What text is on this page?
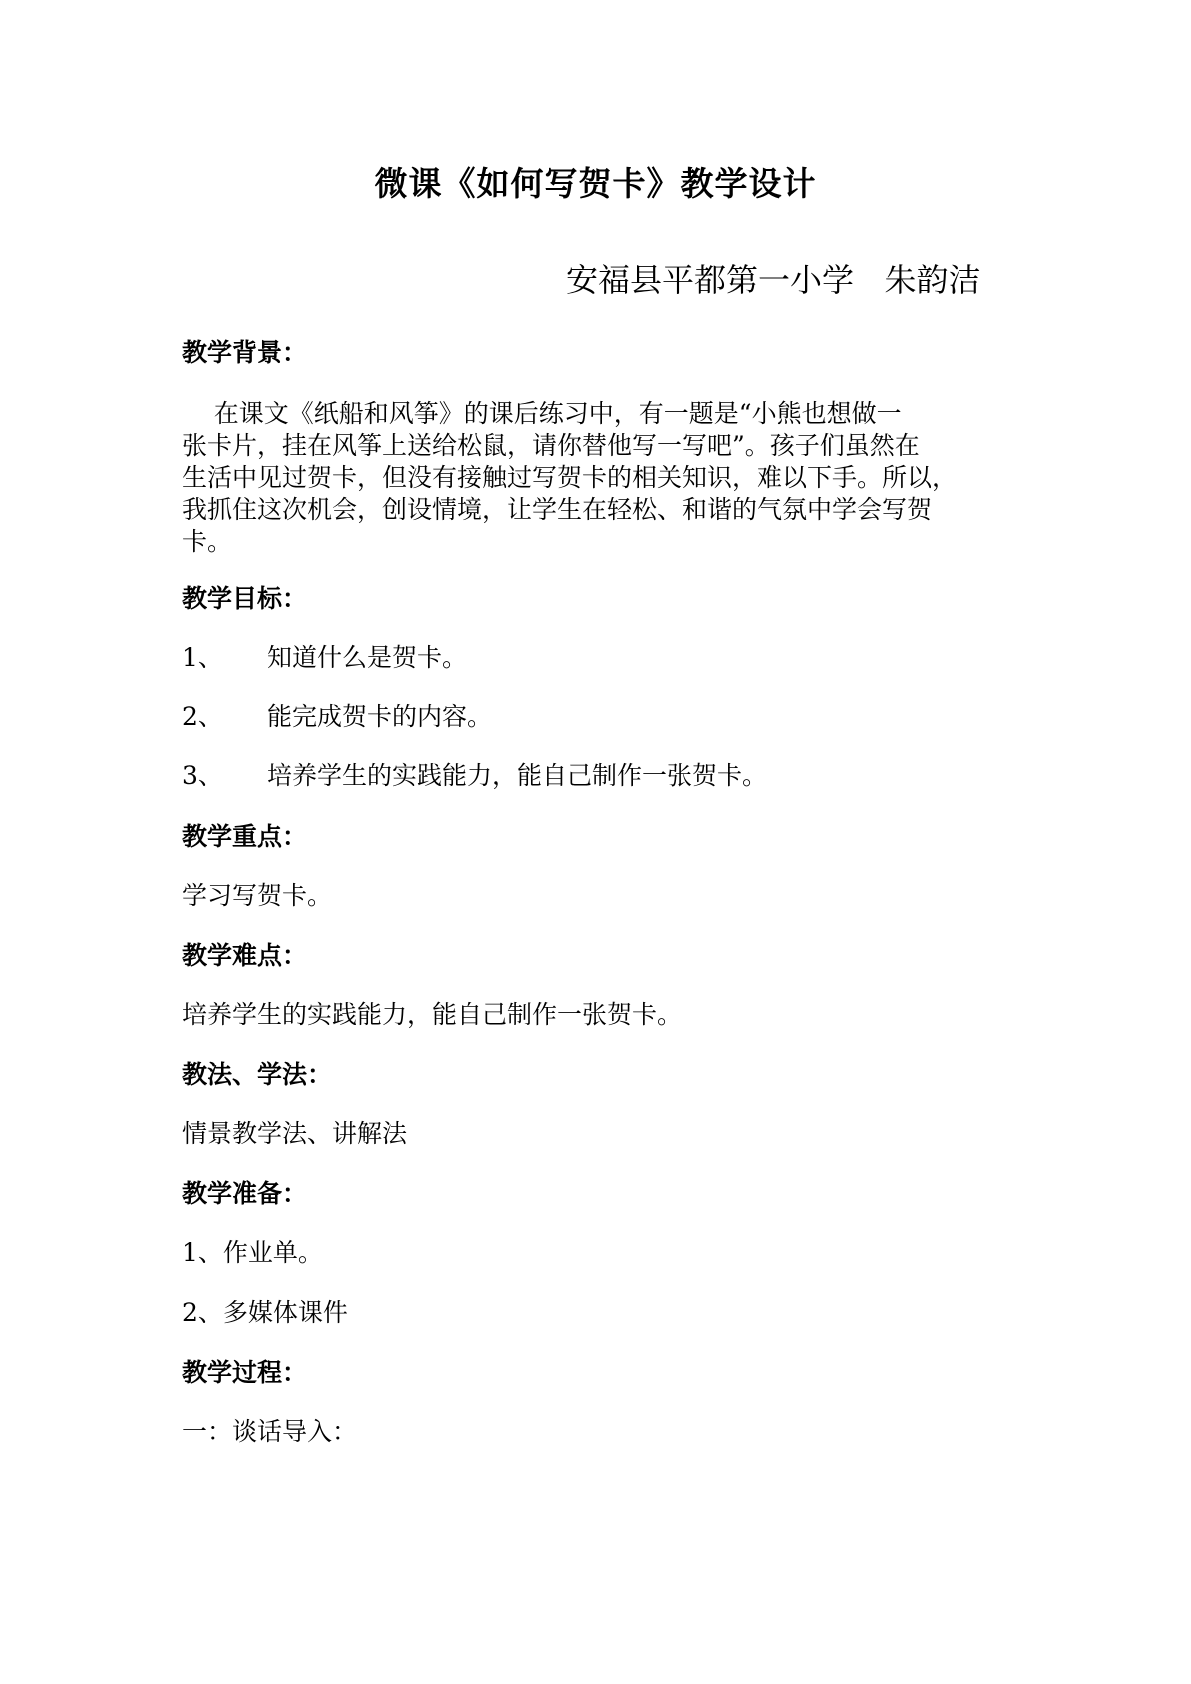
微课《如何写贺卡》教学设计
安福县平都第一小学   朱韵洁
教学背景：
在课文《纸船和风筝》的课后练习中，有一题是“小熊也想做一
张卡片，挂在风筝上送给松鼠，请你替他写一写吧”。孩子们虽然在
生活中见过贺卡，但没有接触过写贺卡的相关知识，难以下手。所以，
我抓住这次机会，创设情境，让学生在轻松、和谐的气氛中学会写贺
卡。
教学目标：
1、 知道什么是贺卡。
2、 能完成贺卡的内容。
3、 培养学生的实践能力，能自己制作一张贺卡。
教学重点：
学习写贺卡。
教学难点：
培养学生的实践能力，能自己制作一张贺卡。
教法、学法：
情景教学法、讲解法
教学准备：
1、作业单。
2、多媒体课件
教学过程：
一：谈话导入：
